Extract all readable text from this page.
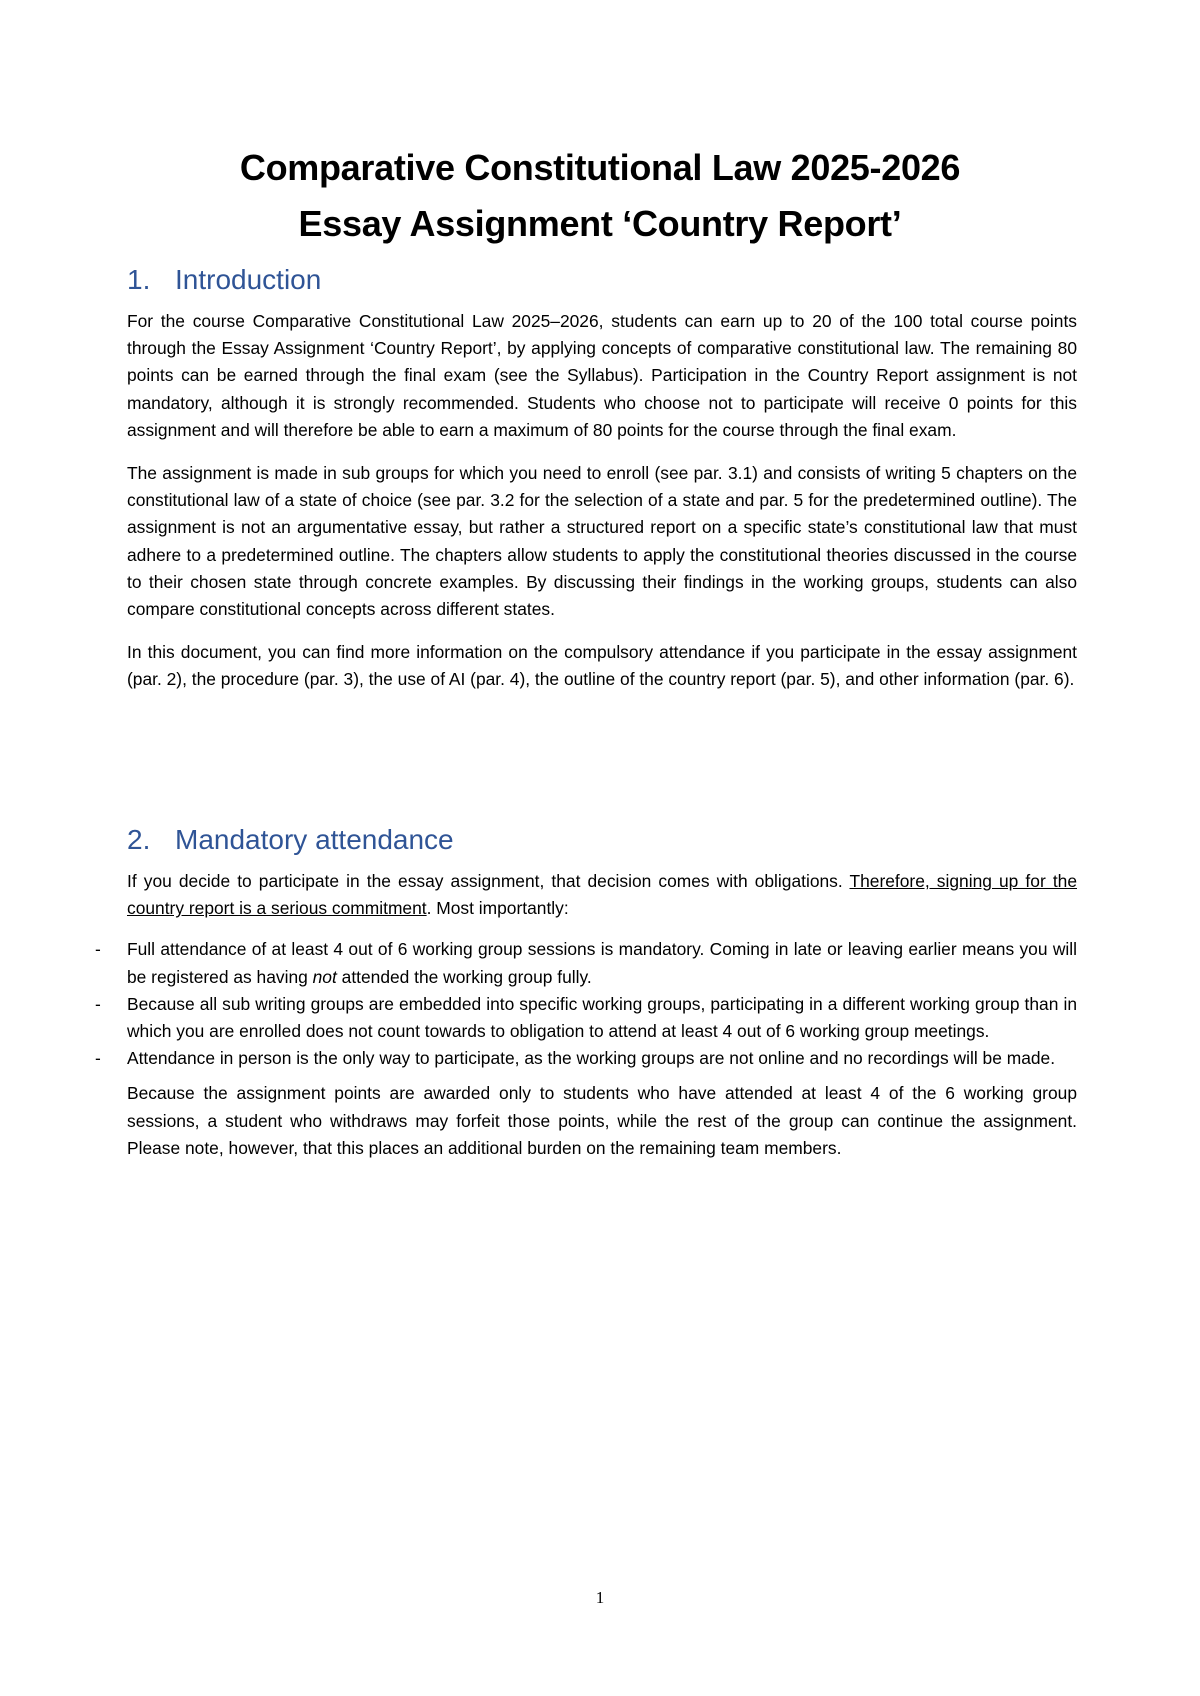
Comparative Constitutional Law 2025-2026
Essay Assignment ‘Country Report’
1. Introduction

For the course Comparative Constitutional Law 2025–2026, students can earn up to 20 of the 100 total course points through the Essay Assignment ‘Country Report’, by applying concepts of comparative constitutional law. The remaining 80 points can be earned through the final exam (see the Syllabus). Participation in the Country Report assignment is not mandatory, although it is strongly recommended. Students who choose not to participate will receive 0 points for this assignment and will therefore be able to earn a maximum of 80 points for the course through the final exam.

The assignment is made in sub groups for which you need to enroll (see par. 3.1) and consists of writing 5 chapters on the constitutional law of a state of choice (see par. 3.2 for the selection of a state and par. 5 for the predetermined outline). The assignment is not an argumentative essay, but rather a structured report on a specific state’s constitutional law that must adhere to a predetermined outline. The chapters allow students to apply the constitutional theories discussed in the course to their chosen state through concrete examples. By discussing their findings in the working groups, students can also compare constitutional concepts across different states.

In this document, you can find more information on the compulsory attendance if you participate in the essay assignment (par. 2), the procedure (par. 3), the use of AI (par. 4), the outline of the country report (par. 5), and other information (par. 6).

2. Mandatory attendance

If you decide to participate in the essay assignment, that decision comes with obligations. Therefore, signing up for the country report is a serious commitment. Most importantly:

- Full attendance of at least 4 out of 6 working group sessions is mandatory. Coming in late or leaving earlier means you will be registered as having not attended the working group fully.
- Because all sub writing groups are embedded into specific working groups, participating in a different working group than in which you are enrolled does not count towards to obligation to attend at least 4 out of 6 working group meetings.
- Attendance in person is the only way to participate, as the working groups are not online and no recordings will be made.

Because the assignment points are awarded only to students who have attended at least 4 of the 6 working group sessions, a student who withdraws may forfeit those points, while the rest of the group can continue the assignment. Please note, however, that this places an additional burden on the remaining team members.

1
